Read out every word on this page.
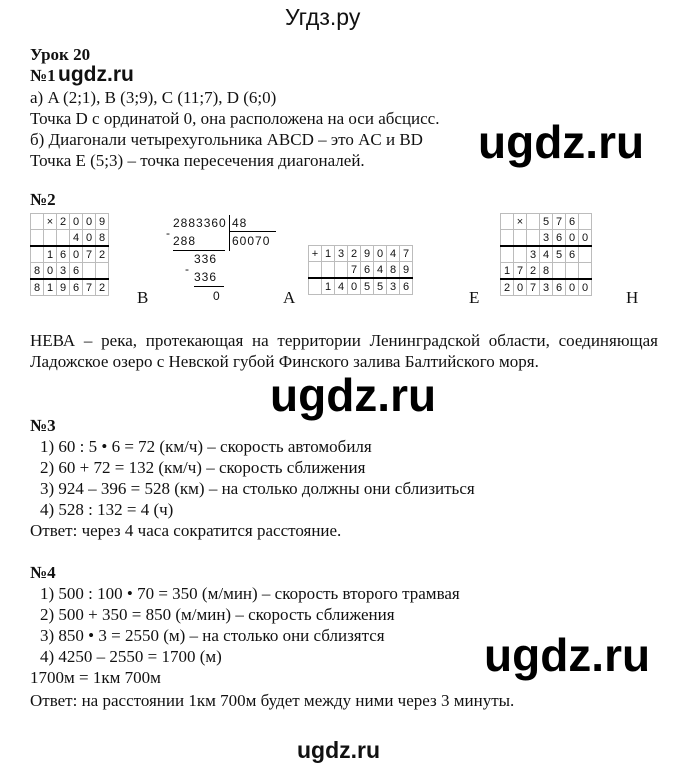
Угдз.ру
Урок 20
№1 ugdz.ru
а) A (2;1), B (3;9), C (11;7), D (6;0)
Точка D с ординатой 0, она расположена на оси абсцисс.
б) Диагонали четырехугольника ABCD – это AC и BD
Точка E (5;3) – точка пересечения диагоналей. ugdz.ru
№2
	×	2	0	0	9
			4	0	8
	1	6	0	7	2
8	0	3	6		
8	1	9	6	7	2
В
2883360 48
60070
-
288
336
-
336
0	А
+	1	3	2	9	0	4	7
			7	6	4	8	9
	1	4	0	5	5	3	6
Е
	×		5	7	6	
			3	6	0	0
		3	4	5	6	
1	7	2	8			
2	0	7	3	6	0	0
Н
НЕВА – река, протекающая на территории Ленинградской области, соединяющая Ладожское озеро с Невской губой Финского залива Балтийского моря.
ugdz.ru
№3
1) 60 : 5 • 6 = 72 (км/ч) – скорость автомобиля
2) 60 + 72 = 132 (км/ч) – скорость сближения
3) 924 – 396 = 528 (км) – на столько должны они сблизиться
4) 528 : 132 = 4 (ч)
Ответ: через 4 часа сократится расстояние.
№4
1) 500 : 100 • 70 = 350 (м/мин) – скорость второго трамвая
2) 500 + 350 = 850 (м/мин) – скорость сближения
3) 850 • 3 = 2550 (м) – на столько они сблизятся
4) 4250 – 2550 = 1700 (м)
1700м = 1км 700м
Ответ: на расстоянии 1км 700м будет между ними через 3 минуты.
ugdz.ru
ugdz.ru
